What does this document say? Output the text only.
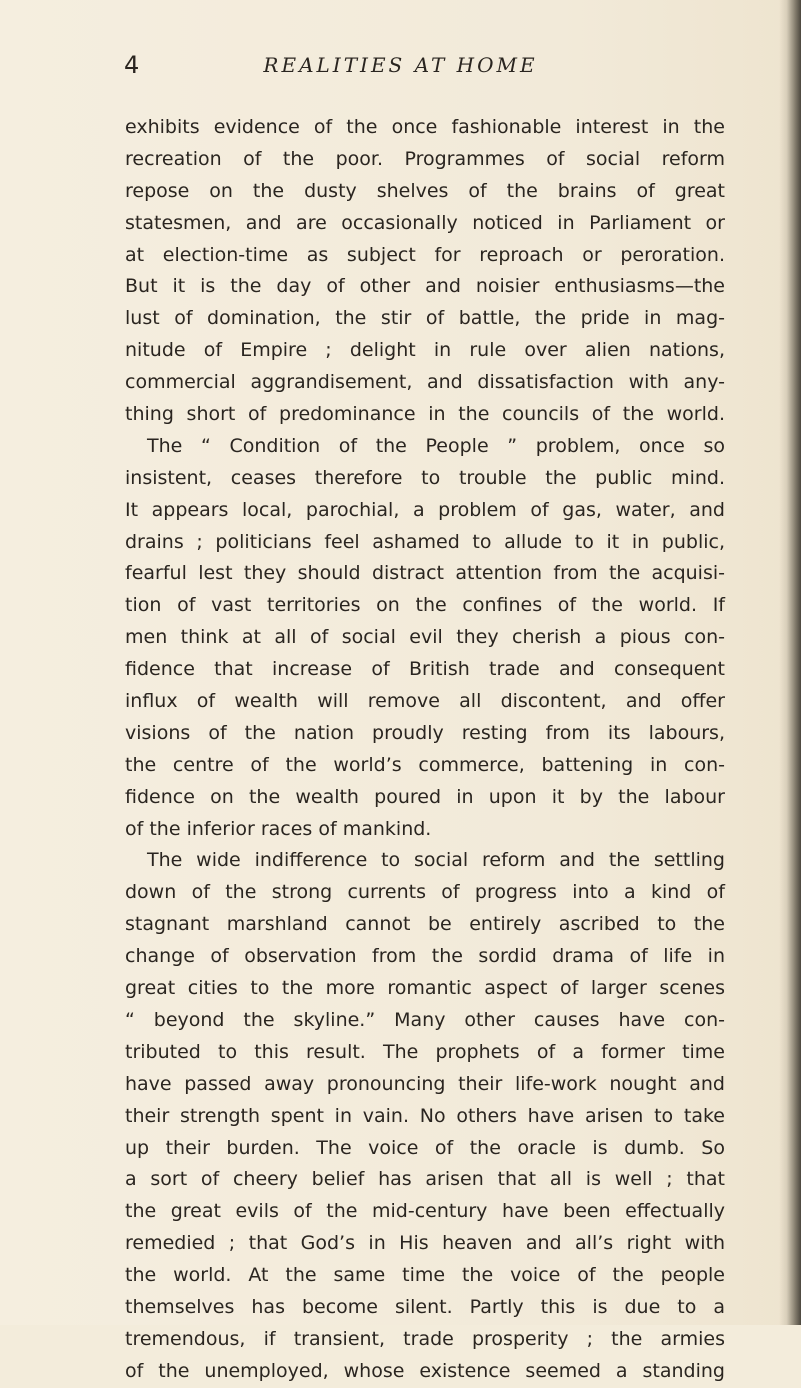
4	REALITIES AT HOME
exhibits evidence of the once fashionable interest in the
recreation of the poor. Programmes of social reform
repose on the dusty shelves of the brains of great
statesmen, and are occasionally noticed in Parliament or
at election-time as subject for reproach or peroration.
But it is the day of other and noisier enthusiasms—the
lust of domination, the stir of battle, the pride in mag-
nitude of Empire ; delight in rule over alien nations,
commercial aggrandisement, and dissatisfaction with any-
thing short of predominance in the councils of the world.
The “ Condition of the People ” problem, once so
insistent, ceases therefore to trouble the public mind.
It appears local, parochial, a problem of gas, water, and
drains ; politicians feel ashamed to allude to it in public,
fearful lest they should distract attention from the acquisi-
tion of vast territories on the confines of the world. If
men think at all of social evil they cherish a pious con-
fidence that increase of British trade and consequent
influx of wealth will remove all discontent, and offer
visions of the nation proudly resting from its labours,
the centre of the world’s commerce, battening in con-
fidence on the wealth poured in upon it by the labour
of the inferior races of mankind.
The wide indifference to social reform and the settling
down of the strong currents of progress into a kind of
stagnant marshland cannot be entirely ascribed to the
change of observation from the sordid drama of life in
great cities to the more romantic aspect of larger scenes
“ beyond the skyline.” Many other causes have con-
tributed to this result. The prophets of a former time
have passed away pronouncing their life-work nought and
their strength spent in vain. No others have arisen to take
up their burden. The voice of the oracle is dumb. So
a sort of cheery belief has arisen that all is well ; that
the great evils of the mid-century have been effectually
remedied ; that God’s in His heaven and all’s right with
the world. At the same time the voice of the people
themselves has become silent. Partly this is due to a
tremendous, if transient, trade prosperity ; the armies
of the unemployed, whose existence seemed a standing
